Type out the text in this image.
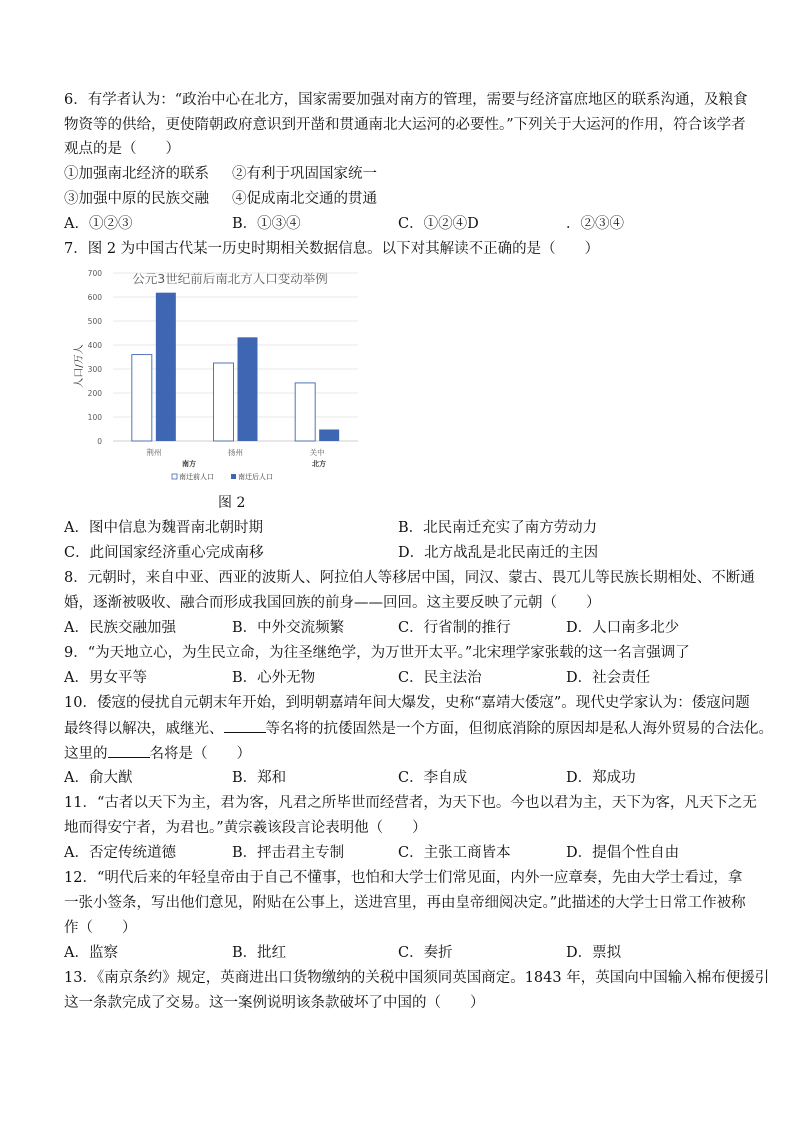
6．有学者认为：“政治中心在北方，国家需要加强对南方的管理，需要与经济富庶地区的联系沟通，及粮食
物资等的供给，更使隋朝政府意识到开凿和贯通南北大运河的必要性。”下列关于大运河的作用，符合该学者
观点的是（　　）
①加强南北经济的联系 ②有利于巩固国家统一
③加强中原的民族交融 ④促成南北交通的贯通
A．①②③	B．①③④	C．①②④D	．②③④
7．图 2 为中国古代某一历史时期相关数据信息。以下对其解读不正确的是（　　）
公元3世纪前后南北方人口变动举例
人口/万人
0
100
200
300
400
500
600
700
荆州	扬州	关中
南方	北方
南迁前人口	南迁后人口
图 2
A．图中信息为魏晋南北朝时期	B．北民南迁充实了南方劳动力
C．此间国家经济重心完成南移	D．北方战乱是北民南迁的主因
8．元朝时，来自中亚、西亚的波斯人、阿拉伯人等移居中国，同汉、蒙古、畏兀儿等民族长期相处、不断通
婚，逐渐被吸收、融合而形成我国回族的前身——回回。这主要反映了元朝（　　）
A．民族交融加强	B．中外交流频繁	C．行省制的推行	D．人口南多北少
9．“为天地立心，为生民立命，为往圣继绝学，为万世开太平。”北宋理学家张载的这一名言强调了
A．男女平等	B．心外无物	C．民主法治	D．社会责任
10．倭寇的侵扰自元朝末年开始，到明朝嘉靖年间大爆发，史称“嘉靖大倭寇”。现代史学家认为：倭寇问题
最终得以解决，戚继光、	等名将的抗倭固然是一个方面，但彻底消除的原因却是私人海外贸易的合法化。
这里的	名将是（　　）
A．俞大猷	B．郑和	C．李自成	D．郑成功
11．“古者以天下为主，君为客，凡君之所毕世而经营者，为天下也。今也以君为主，天下为客，凡天下之无
地而得安宁者，为君也。”黄宗羲该段言论表明他（　　）
A．否定传统道德	B．抨击君主专制	C．主张工商皆本	D．提倡个性自由
12．“明代后来的年轻皇帝由于自己不懂事，也怕和大学士们常见面，内外一应章奏，先由大学士看过，拿
一张小签条，写出他们意见，附贴在公事上，送进宫里，再由皇帝细阅决定。”此描述的大学士日常工作被称
作（　　）
A．监察	B．批红	C．奏折	D．票拟
13．《南京条约》规定，英商进出口货物缴纳的关税中国须同英国商定。1843 年，英国向中国输入棉布便援引
这一条款完成了交易。这一案例说明该条款破坏了中国的（　　）
